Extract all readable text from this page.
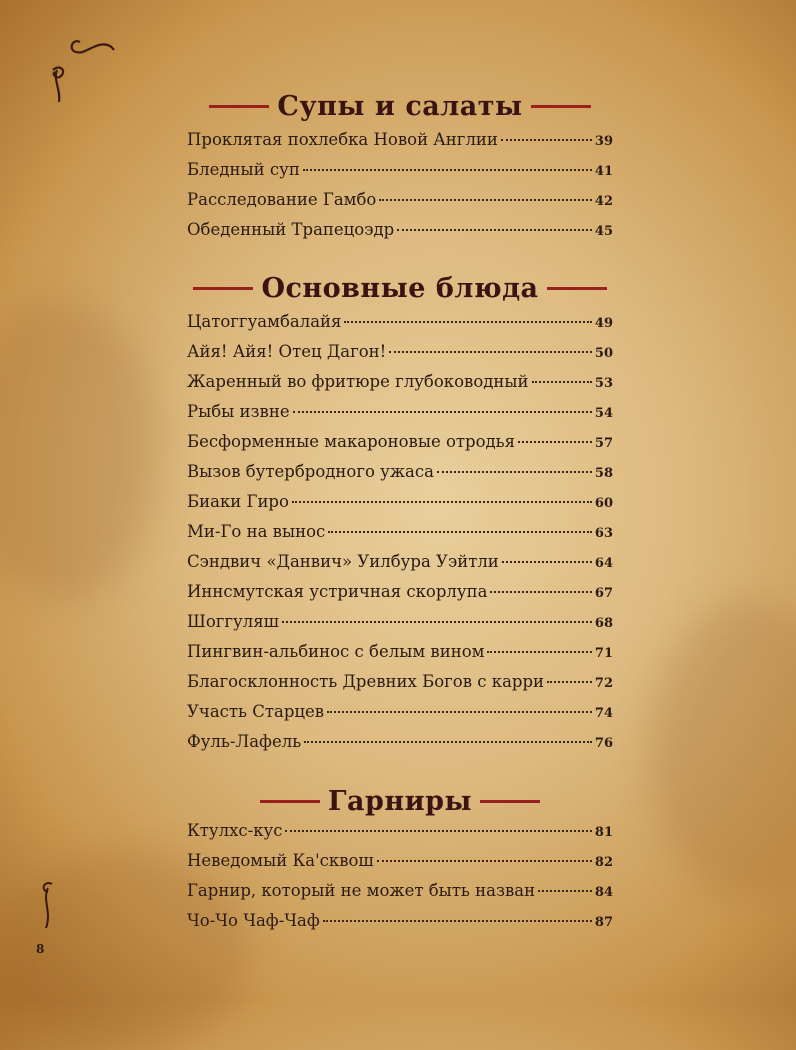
Супы и салаты
Проклятая похлебка Новой Англии	39
Бледный суп	41
Расследование Гамбо	42
Обеденный Трапецоэдр	45
Основные блюда
Цатоггуамбалайя	49
Айя! Айя! Отец Дагон!	50
Жаренный во фритюре глубоководный	53
Рыбы извне	54
Бесформенные макароновые отродья	57
Вызов бутербродного ужаса	58
Биаки Гиро	60
Ми-Го на вынос	63
Сэндвич «Данвич» Уилбура Уэйтли	64
Иннсмутская устричная скорлупа	67
Шоггуляш	68
Пингвин-альбинос с белым вином	71
Благосклонность Древних Богов с карри	72
Участь Старцев	74
Фуль-Лафель	76
Гарниры
Ктулхс-кус	81
Неведомый Ка'сквош	82
Гарнир, который не может быть назван	84
Чо-Чо Чаф-Чаф	87
8
